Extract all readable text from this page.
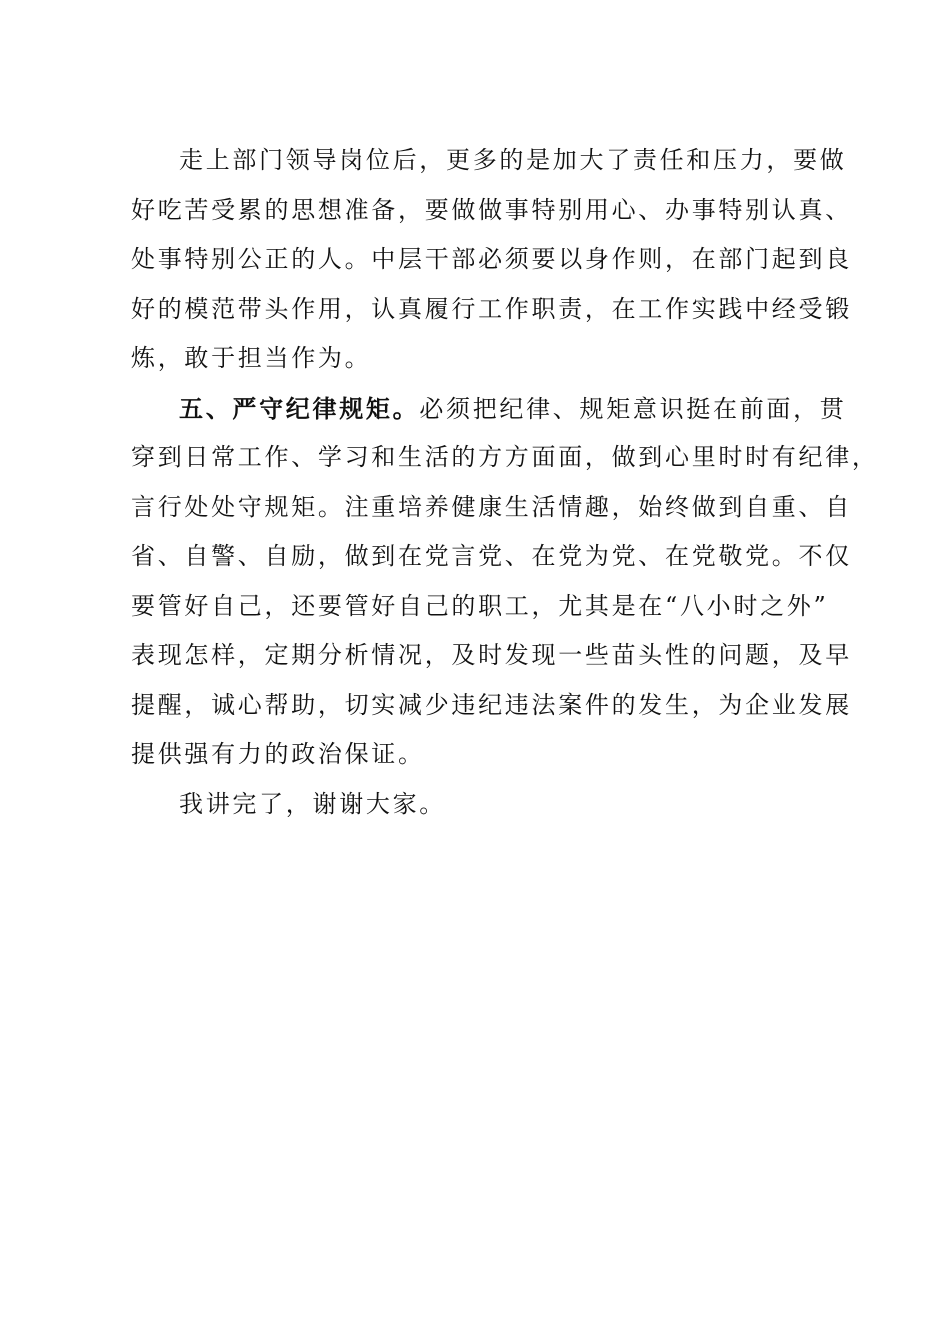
走上部门领导岗位后，更多的是加大了责任和压力，要做
好吃苦受累的思想准备，要做做事特别用心、办事特别认真、
处事特别公正的人。中层干部必须要以身作则，在部门起到良
好的模范带头作用，认真履行工作职责，在工作实践中经受锻
炼，敢于担当作为。
五、严守纪律规矩。必须把纪律、规矩意识挺在前面，贯
穿到日常工作、学习和生活的方方面面，做到心里时时有纪律，
言行处处守规矩。注重培养健康生活情趣，始终做到自重、自
省、自警、自励，做到在党言党、在党为党、在党敬党。不仅
要管好自己，还要管好自己的职工，尤其是在“八小时之外”
表现怎样，定期分析情况，及时发现一些苗头性的问题，及早
提醒，诚心帮助，切实减少违纪违法案件的发生，为企业发展
提供强有力的政治保证。
我讲完了，谢谢大家。
